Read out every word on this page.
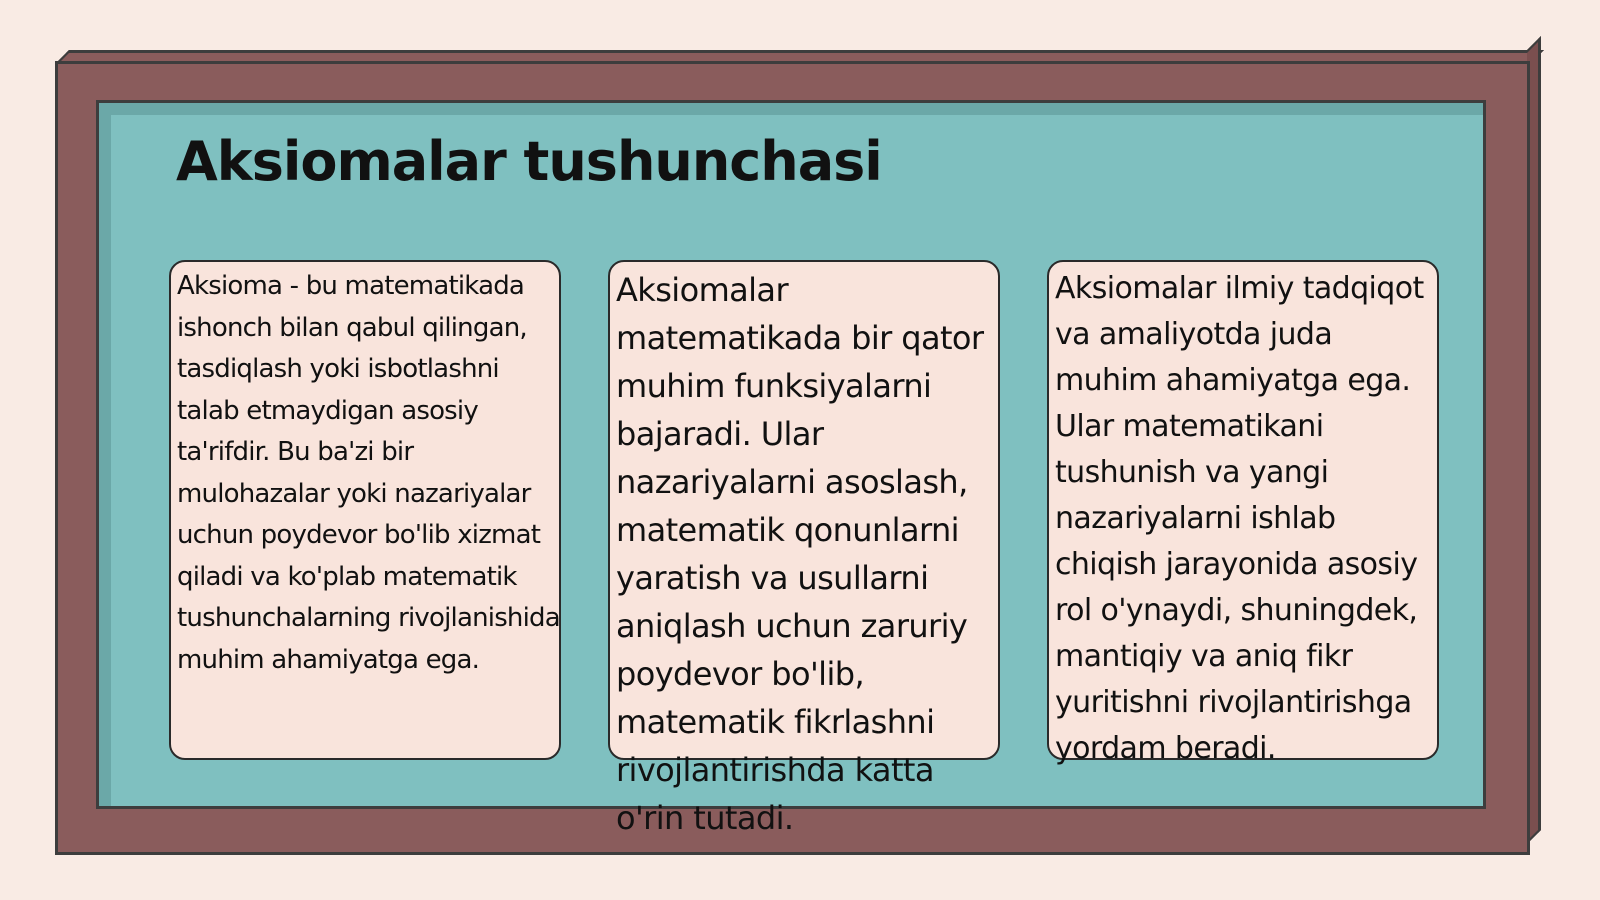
Aksiomalar tushunchasi

Aksioma - bu matematikada ishonch bilan qabul qilingan, tasdiqlash yoki isbotlashni talab etmaydigan asosiy ta'rifdir. Bu ba'zi bir mulohazalar yoki nazariyalar uchun poydevor bo'lib xizmat qiladi va ko'plab matematik tushunchalarning rivojlanishida muhim ahamiyatga ega.

Aksiomalar matematikada bir qator muhim funksiyalarni bajaradi. Ular nazariyalarni asoslash, matematik qonunlarni yaratish va usullarni aniqlash uchun zaruriy poydevor bo'lib, matematik fikrlashni rivojlantirishda katta o'rin tutadi.

Aksiomalar ilmiy tadqiqot va amaliyotda juda muhim ahamiyatga ega. Ular matematikani tushunish va yangi nazariyalarni ishlab chiqish jarayonida asosiy rol o'ynaydi, shuningdek, mantiqiy va aniq fikr yuritishni rivojlantirishga yordam beradi.
